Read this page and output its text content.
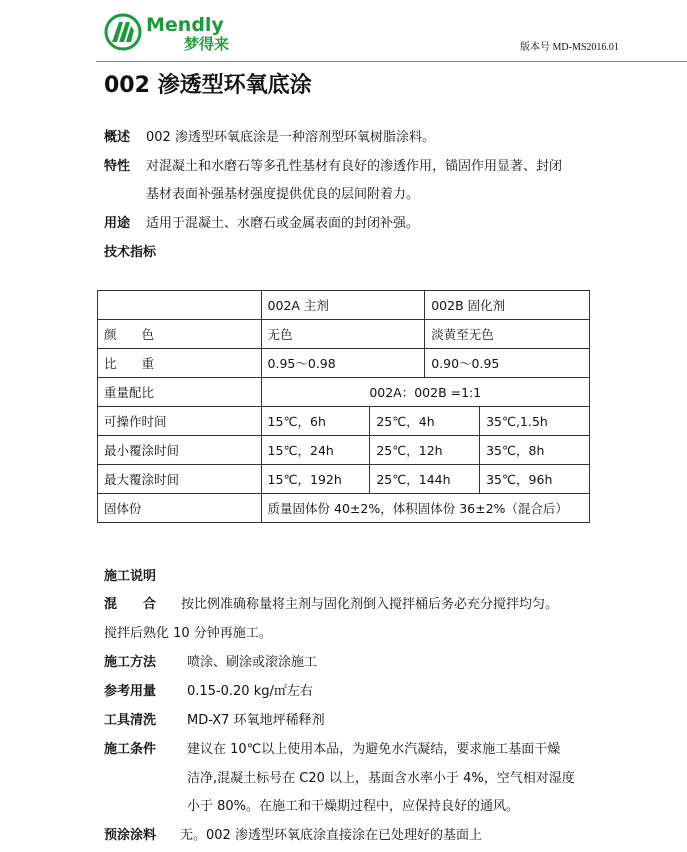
Mendly
梦得来	版本号 MD-MS2016.01
002 渗透型环氧底涂
概述 002 渗透型环氧底涂是一种溶剂型环氧树脂涂料。
特性 对混凝土和水磨石等多孔性基材有良好的渗透作用，锚固作用显著、封闭
基材表面补强基材强度提供优良的层间附着力。
用途 适用于混凝土、水磨石或金属表面的封闭补强。
技术指标
	002A 主剂		002B 固化剂	
颜　　色	无色		淡黄至无色	
比　　重	0.95～0.98		0.90～0.95	
重量配比	002A：002B =1:1			
可操作时间	15℃，6h	25℃，4h		35℃,1.5h
最小覆涂时间	15℃，24h	25℃，12h		35℃，8h
最大覆涂时间	15℃，192h	25℃，144h		35℃，96h
固体份	质量固体份 40±2%，体积固体份 36±2%（混合后）			
施工说明
混　　合 按比例准确称量将主剂与固化剂倒入搅拌桶后务必充分搅拌均匀。
搅拌后熟化 10 分钟再施工。
施工方法 喷涂、刷涂或滚涂施工
参考用量 0.15-0.20 kg/㎡左右
工具清洗 MD-X7 环氧地坪稀释剂
施工条件 建议在 10℃以上使用本品，为避免水汽凝结，要求施工基面干燥
洁净,混凝土标号在 C20 以上，基面含水率小于 4%，空气相对湿度
小于 80%。在施工和干燥期过程中，应保持良好的通风。
预涂涂料 无。002 渗透型环氧底涂直接涂在已处理好的基面上
